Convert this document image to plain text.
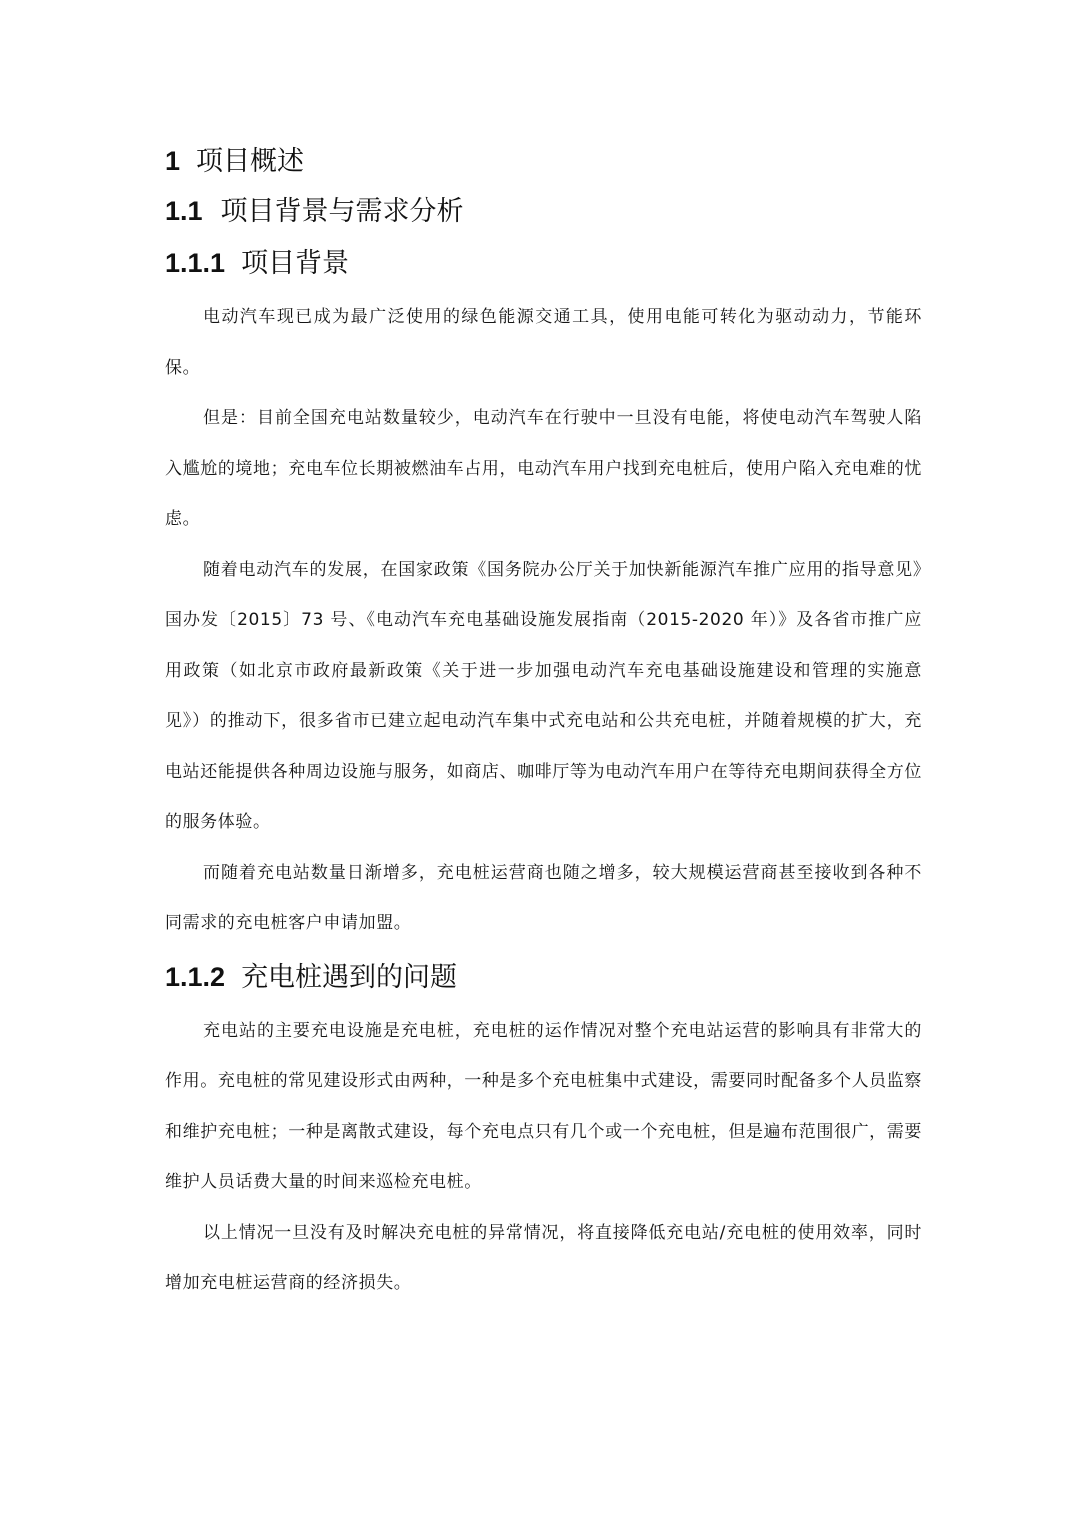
1 项目概述
1.1 项目背景与需求分析
1.1.1 项目背景

电动汽车现已成为最广泛使用的绿色能源交通工具，使用电能可转化为驱动动力，节能环保。

但是：目前全国充电站数量较少，电动汽车在行驶中一旦没有电能，将使电动汽车驾驶人陷入尴尬的境地；充电车位长期被燃油车占用，电动汽车用户找到充电桩后，使用户陷入充电难的忧虑。

随着电动汽车的发展，在国家政策《国务院办公厅关于加快新能源汽车推广应用的指导意见》国办发〔2015〕73 号、《电动汽车充电基础设施发展指南（2015-2020 年）》及各省市推广应用政策（如北京市政府最新政策《关于进一步加强电动汽车充电基础设施建设和管理的实施意见》）的推动下，很多省市已建立起电动汽车集中式充电站和公共充电桩，并随着规模的扩大，充电站还能提供各种周边设施与服务，如商店、咖啡厅等为电动汽车用户在等待充电期间获得全方位的服务体验。

而随着充电站数量日渐增多，充电桩运营商也随之增多，较大规模运营商甚至接收到各种不同需求的充电桩客户申请加盟。

1.1.2 充电桩遇到的问题

充电站的主要充电设施是充电桩，充电桩的运作情况对整个充电站运营的影响具有非常大的作用。充电桩的常见建设形式由两种，一种是多个充电桩集中式建设，需要同时配备多个人员监察和维护充电桩；一种是离散式建设，每个充电点只有几个或一个充电桩，但是遍布范围很广，需要维护人员话费大量的时间来巡检充电桩。

以上情况一旦没有及时解决充电桩的异常情况，将直接降低充电站/充电桩的使用效率，同时增加充电桩运营商的经济损失。
